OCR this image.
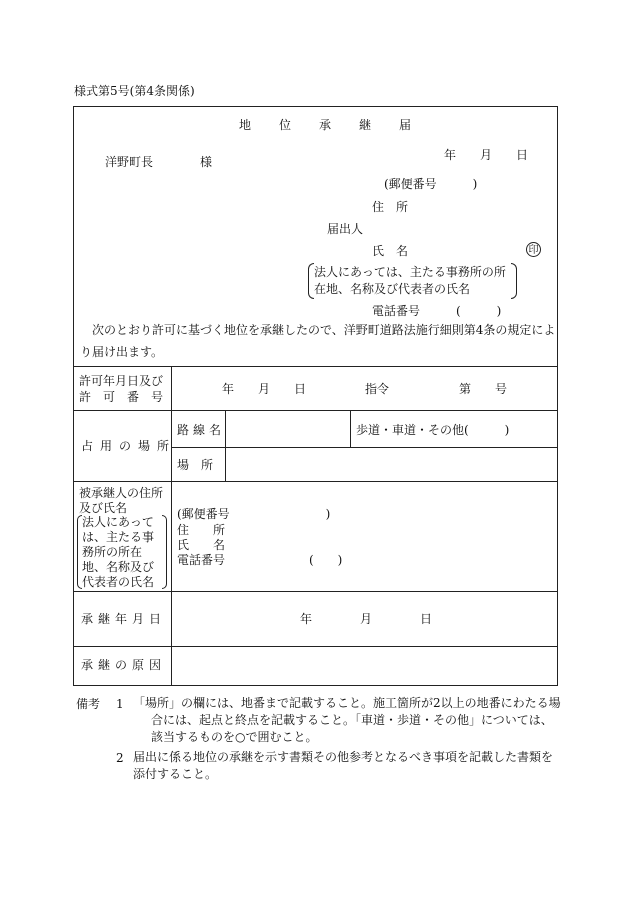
様式第5号(第4条関係)
地　位　承　継　届
年　　月　　日
洋野町長	様
(郵便番号　　　)
住　所
届出人
氏　名	印
法人にあっては、主たる事務所の所
在地、名称及び代表者の氏名
電話番号　　　(　　　)
次のとおり許可に基づく地位を承継したので、洋野町道路法施行細則第4条の規定によ
り届け出ます。
許可年月日及び
許　可　番　号
年　　月　　日	指令	第　　号
占用の場所
路線名	歩道・車道・その他(　　　)
場　所
被承継人の住所
及び氏名
法人にあっては、主たる事務所の所在地、名称及び代表者の氏名
(郵便番号　　　　　　　　)
住　　所
氏　　名
電話番号　　　　　　　(　　)
承継年月日	年　　　　月　　　　日
承継の原因
備考 1 「場所」の欄には、地番まで記載すること。施工箇所が2以上の地番にわたる場合には、起点と終点を記載すること。「車道・歩道・その他」については、該当するものを○で囲むこと。
2 届出に係る地位の承継を示す書類その他参考となるべき事項を記載した書類を添付すること。
